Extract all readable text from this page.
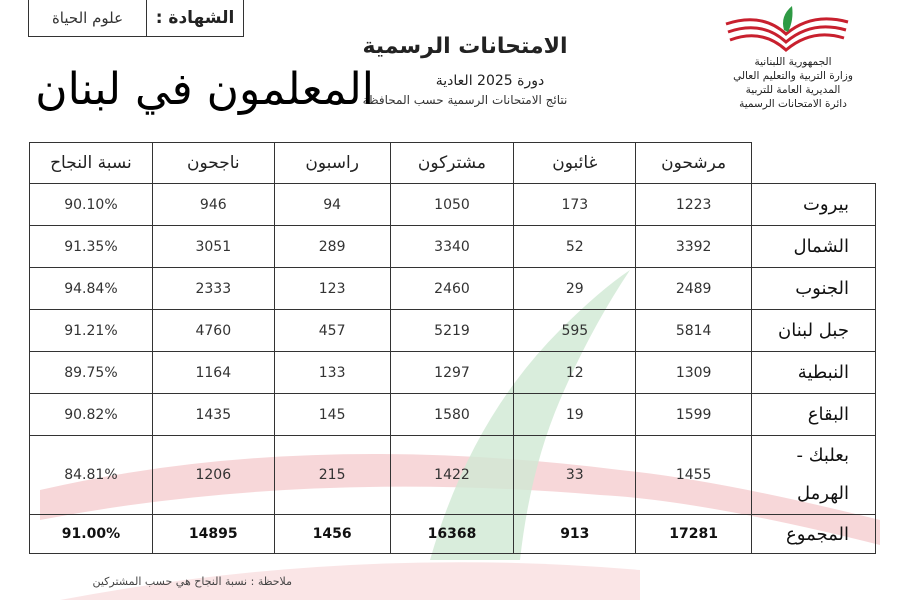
الشهادة :
علوم الحياة
الجمهورية اللبنانية
وزارة التربية والتعليم العالي
المديرية العامة للتربية
دائرة الامتحانات الرسمية
الامتحانات الرسمية
دورة 2025 العادية
نتائج الامتحانات الرسمية حسب المحافظة
المعلمون في لبنان
	مرشحون	غائبون	مشتركون	راسبون	ناجحون	نسبة النجاح
بيروت	1223	173	1050	94	946	90.10%
الشمال	3392	52	3340	289	3051	91.35%
الجنوب	2489	29	2460	123	2333	94.84%
جبل لبنان	5814	595	5219	457	4760	91.21%
النبطية	1309	12	1297	133	1164	89.75%
البقاع	1599	19	1580	145	1435	90.82%

بعلبك -
الهرمل	1455	33	1422	215	1206	84.81%
المجموع	17281	913	16368	1456	14895	91.00%
ملاحظة : نسبة النجاح هي حسب المشتركين
